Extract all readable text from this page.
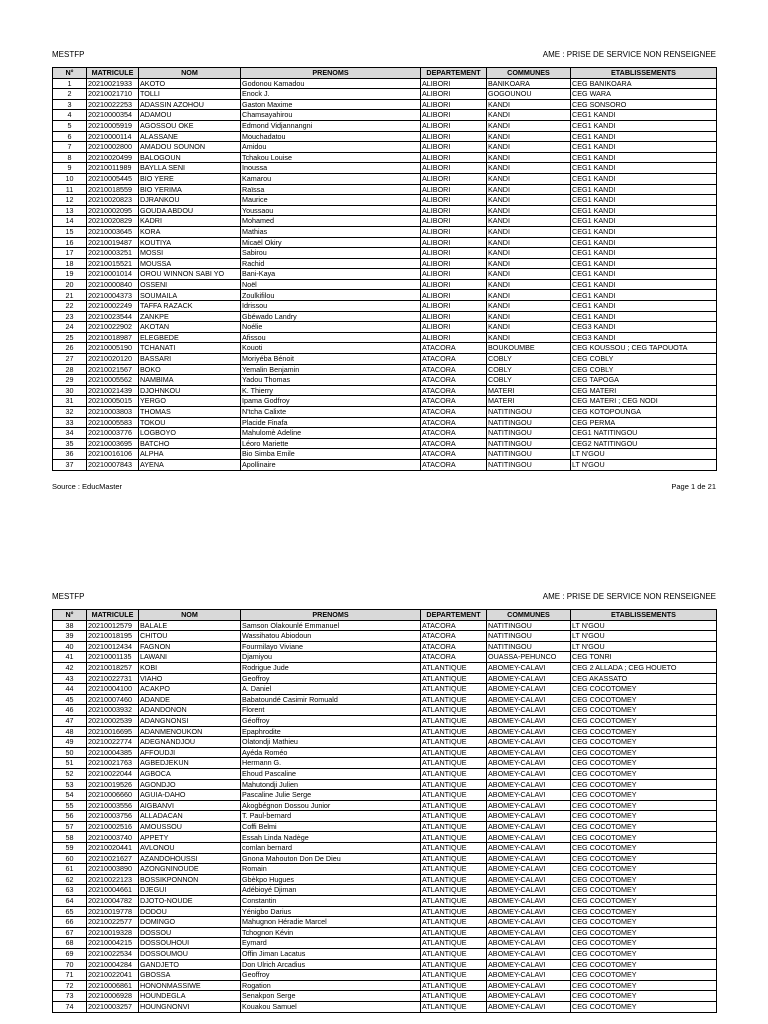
MESTFP	AME : PRISE DE SERVICE NON RENSEIGNEE
N°	MATRICULE	NOM	PRENOMS	DEPARTEMENT	COMMUNES	ETABLISSEMENTS
1	20210021933	AKOTO	Godonou Kamadou	ALIBORI	BANIKOARA	CEG BANIKOARA
2	20210021710	TOLLI	Enock J.	ALIBORI	GOGOUNOU	CEG WARA
3	20210022253	ADASSIN AZOHOU	Gaston Maxime	ALIBORI	KANDI	CEG SONSORO
4	20210000354	ADAMOU	Chamsayahirou	ALIBORI	KANDI	CEG1 KANDI
5	20210005919	AGOSSOU OKE	Edmond Vidjannangni	ALIBORI	KANDI	CEG1 KANDI
6	20210000114	ALASSANE	Mouchadatou	ALIBORI	KANDI	CEG1 KANDI
7	20210002800	AMADOU SOUNON	Amidou	ALIBORI	KANDI	CEG1 KANDI
8	20210020499	BALOGOUN	Tchakou Louise	ALIBORI	KANDI	CEG1 KANDI
9	20210011989	BAYLLA SENI	Inoussa	ALIBORI	KANDI	CEG1 KANDI
10	20210005445	BIO YERE	Kamarou	ALIBORI	KANDI	CEG1 KANDI
11	20210018559	BIO YERIMA	Raïssa	ALIBORI	KANDI	CEG1 KANDI
12	20210020823	DJRANKOU	Maurice	ALIBORI	KANDI	CEG1 KANDI
13	20210002095	GOUDA ABDOU	Youssaou	ALIBORI	KANDI	CEG1 KANDI
14	20210020829	KADRI	Mohamed	ALIBORI	KANDI	CEG1 KANDI
15	20210003645	KORA	Mathias	ALIBORI	KANDI	CEG1 KANDI
16	20210019487	KOUTIYA	Micaël Okiry	ALIBORI	KANDI	CEG1 KANDI
17	20210003251	MOSSI	Sabirou	ALIBORI	KANDI	CEG1 KANDI
18	20210015521	MOUSSA	Rachid	ALIBORI	KANDI	CEG1 KANDI
19	20210001014	OROU WINNON SABI YO	Bani-Kaya	ALIBORI	KANDI	CEG1 KANDI
20	20210000840	OSSENI	Noël	ALIBORI	KANDI	CEG1 KANDI
21	20210004373	SOUMAILA	Zoulkifilou	ALIBORI	KANDI	CEG1 KANDI
22	20210002249	TAFFA RAZACK	Idrissou	ALIBORI	KANDI	CEG1 KANDI
23	20210023544	ZANKPE	Gbéwado Landry	ALIBORI	KANDI	CEG1 KANDI
24	20210022902	AKOTAN	Noélie	ALIBORI	KANDI	CEG3 KANDI
25	20210018987	ELEGBEDE	Afissou	ALIBORI	KANDI	CEG3 KANDI
26	20210005190	TCHANATI	Kouoti	ATACORA	BOUKOUMBE	CEG KOUSSOU ; CEG TAPOUOTA
27	20210020120	BASSARI	Moriyéba Bénoit	ATACORA	COBLY	CEG COBLY
28	20210021567	BOKO	Yemalin Benjamin	ATACORA	COBLY	CEG COBLY
29	20210005562	NAMBIMA	Yadou Thomas	ATACORA	COBLY	CEG TAPOGA
30	20210021439	DJOHNKOU	K. Thierry	ATACORA	MATERI	CEG MATERI
31	20210005015	YERGO	Ipama Godfroy	ATACORA	MATERI	CEG MATERI ; CEG NODI
32	20210003803	THOMAS	N'tcha Calixte	ATACORA	NATITINGOU	CEG KOTOPOUNGA
33	20210005583	TOKOU	Placide Finafa	ATACORA	NATITINGOU	CEG PERMA
34	20210003776	LOGBOYO	Mahulomè Adeline	ATACORA	NATITINGOU	CEG1 NATITINGOU
35	20210003695	BATCHO	Léoro Mariette	ATACORA	NATITINGOU	CEG2 NATITINGOU
36	20210016106	ALPHA	Bio Simba Emile	ATACORA	NATITINGOU	LT N'GOU
37	20210007843	AYENA	Apollinaire	ATACORA	NATITINGOU	LT N'GOU
Source : EducMaster	Page 1 de 21
MESTFP	AME : PRISE DE SERVICE NON RENSEIGNEE
N°	MATRICULE	NOM	PRENOMS	DEPARTEMENT	COMMUNES	ETABLISSEMENTS
38	20210012579	BALALE	Samson Olakounlé Emmanuel	ATACORA	NATITINGOU	LT N'GOU
39	20210018195	CHITOU	Wassihatou Abiodoun	ATACORA	NATITINGOU	LT N'GOU
40	20210012434	FAGNON	Fourmilayo Viviane	ATACORA	NATITINGOU	LT N'GOU
41	20210001135	LAWANI	Djamiyou	ATACORA	OUASSA-PEHUNCO	CEG TONRI
42	20210018257	KOBI	Rodrigue Jude	ATLANTIQUE	ABOMEY-CALAVI	CEG 2 ALLADA ; CEG HOUETO
43	20210022731	VIAHO	Geoffroy	ATLANTIQUE	ABOMEY-CALAVI	CEG AKASSATO
44	20210004100	ACAKPO	A. Daniel	ATLANTIQUE	ABOMEY-CALAVI	CEG COCOTOMEY
45	20210007460	ADANDE	Babatoundé Casimir Romuald	ATLANTIQUE	ABOMEY-CALAVI	CEG COCOTOMEY
46	20210003932	ADANDONON	Florent	ATLANTIQUE	ABOMEY-CALAVI	CEG COCOTOMEY
47	20210002539	ADANGNONSI	Géoffroy	ATLANTIQUE	ABOMEY-CALAVI	CEG COCOTOMEY
48	20210016695	ADANMENOUKON	Epaphrodite	ATLANTIQUE	ABOMEY-CALAVI	CEG COCOTOMEY
49	20210022774	ADEGNANDJOU	Olatondji Mathieu	ATLANTIQUE	ABOMEY-CALAVI	CEG COCOTOMEY
50	20210004385	AFFOUDJI	Ayéda Roméo	ATLANTIQUE	ABOMEY-CALAVI	CEG COCOTOMEY
51	20210021763	AGBEDJEKUN	Hermann G.	ATLANTIQUE	ABOMEY-CALAVI	CEG COCOTOMEY
52	20210022044	AGBOCA	Ehoud Pascaline	ATLANTIQUE	ABOMEY-CALAVI	CEG COCOTOMEY
53	20210019526	AGONDJO	Mahutondji Julien	ATLANTIQUE	ABOMEY-CALAVI	CEG COCOTOMEY
54	20210006660	AGUIA-DAHO	Pascaline Julie Serge	ATLANTIQUE	ABOMEY-CALAVI	CEG COCOTOMEY
55	20210003556	AIGBANVI	Akogbégnon Dossou Junior	ATLANTIQUE	ABOMEY-CALAVI	CEG COCOTOMEY
56	20210003756	ALLADACAN	T. Paul-bernard	ATLANTIQUE	ABOMEY-CALAVI	CEG COCOTOMEY
57	20210002516	AMOUSSOU	Coffi Belmi	ATLANTIQUE	ABOMEY-CALAVI	CEG COCOTOMEY
58	20210003740	APPETY	Essah Linda Nadège	ATLANTIQUE	ABOMEY-CALAVI	CEG COCOTOMEY
59	20210020441	AVLONOU	comlan bernard	ATLANTIQUE	ABOMEY-CALAVI	CEG COCOTOMEY
60	20210021627	AZANDOHOUSSI	Gnona Mahouton Don De Dieu	ATLANTIQUE	ABOMEY-CALAVI	CEG COCOTOMEY
61	20210003890	AZONGNINOUDE	Romain	ATLANTIQUE	ABOMEY-CALAVI	CEG COCOTOMEY
62	20210022123	BOSSIKPONNON	Gbèkpo Hugues	ATLANTIQUE	ABOMEY-CALAVI	CEG COCOTOMEY
63	20210004661	DJEGUI	Adébioyé Djiman	ATLANTIQUE	ABOMEY-CALAVI	CEG COCOTOMEY
64	20210004782	DJOTO-NOUDE	Constantin	ATLANTIQUE	ABOMEY-CALAVI	CEG COCOTOMEY
65	20210019778	DODOU	Yénigbo Darius	ATLANTIQUE	ABOMEY-CALAVI	CEG COCOTOMEY
66	20210022577	DOMINGO	Mahugnon Héradie Marcel	ATLANTIQUE	ABOMEY-CALAVI	CEG COCOTOMEY
67	20210019328	DOSSOU	Tchognon Kévin	ATLANTIQUE	ABOMEY-CALAVI	CEG COCOTOMEY
68	20210004215	DOSSOUHOUI	Eymard	ATLANTIQUE	ABOMEY-CALAVI	CEG COCOTOMEY
69	20210022534	DOSSOUMOU	Offin Jiman Lacatus	ATLANTIQUE	ABOMEY-CALAVI	CEG COCOTOMEY
70	20210004284	GANDJETO	Don Ulrich Arcadius	ATLANTIQUE	ABOMEY-CALAVI	CEG COCOTOMEY
71	20210022041	GBOSSA	Geoffroy	ATLANTIQUE	ABOMEY-CALAVI	CEG COCOTOMEY
72	20210006861	HONONMASSIWE	Rogation	ATLANTIQUE	ABOMEY-CALAVI	CEG COCOTOMEY
73	20210006928	HOUNDEGLA	Senakpon Serge	ATLANTIQUE	ABOMEY-CALAVI	CEG COCOTOMEY
74	20210003257	HOUNGNONVI	Kouakou Samuel	ATLANTIQUE	ABOMEY-CALAVI	CEG COCOTOMEY
